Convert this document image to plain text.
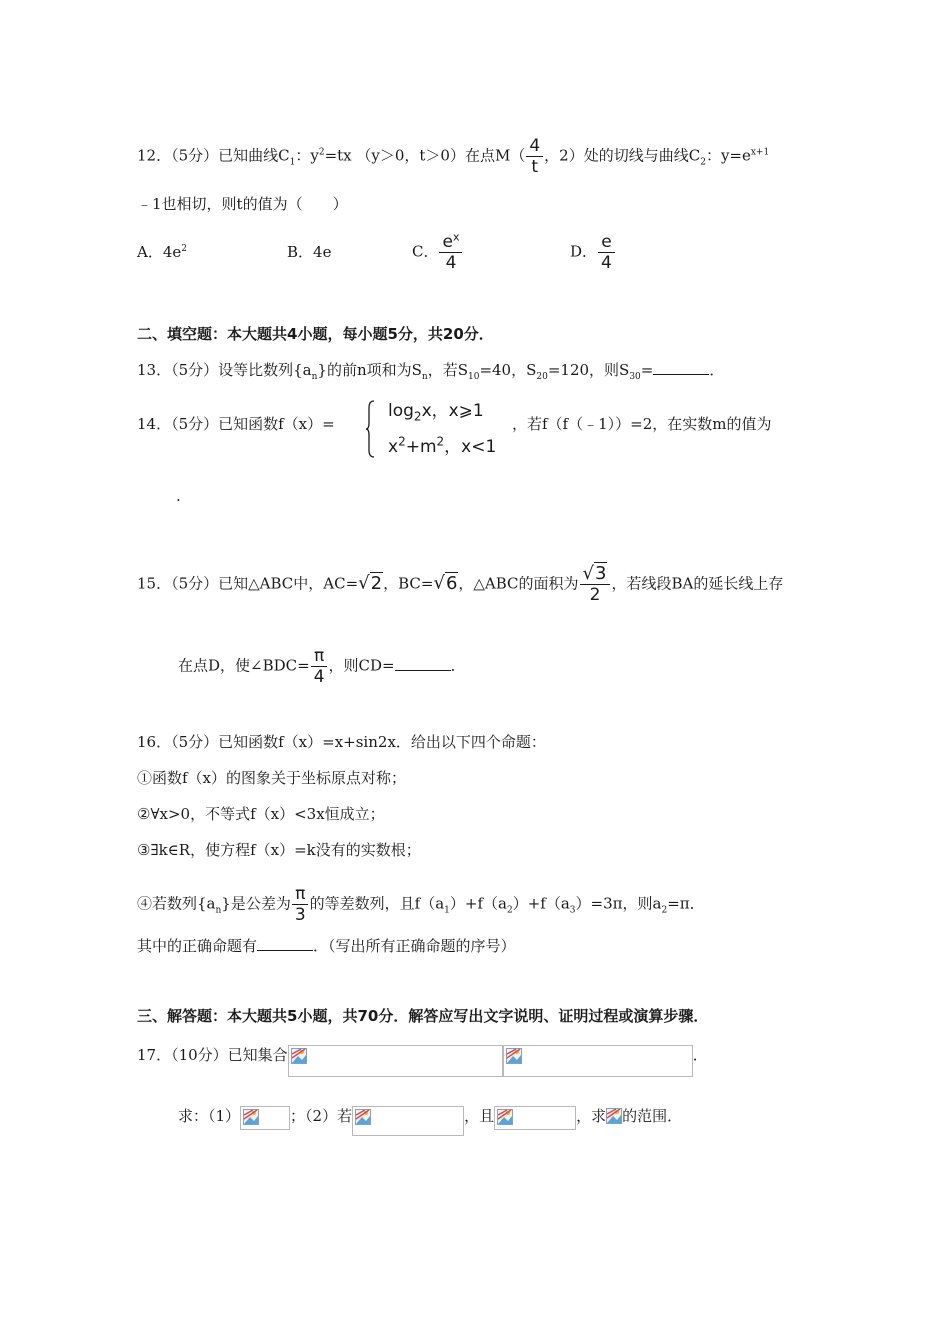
12．（5分）已知曲线$C_1$：$y^2=tx$ （y＞0，t＞0）在点$M( \frac{4}{t}$ ，2）处的切线与曲线$C_2$：$y=e^{x+1}$
﹣1也相切，则t的值为（　　）
A．$4e^2$	B．4e	C． $\frac{e^x}{4}$	D． $\frac{e}{4}$
二、填空题：本大题共4小题，每小题5分，共20分．
13．（5分）设等比数列$\{a_n\}$的前n项和为$S_n$，若$S_{10}=40$，$S_{20}=120$，则$S_{30}=$	．
14．（5分）已知函数f（x）=
$\log_2x$，x⩾1
$x^2+m^2$，x<1
，若f（f（﹣1））=2，在实数m的值为
.
15．（5分）已知△ABC中，AC=√2，BC=√6，△ABC的面积为 $\frac{√3}{2}$ ，若线段BA的延长线上存
在点D，使∠BDC= $\frac{\pi}{4}$ ，则CD=	．
16．（5分）已知函数f（x）=x+sin2x．给出以下四个命题：
①函数f（x）的图象关于坐标原点对称；
②∀x>0，不等式f（x）<3x恒成立；
③∃k∈R，使方程f（x）=k没有的实数根；
④若数列$\{a_n\}$是公差为 $\frac{\pi}{3}$ 的等差数列，且$f(a_1)+f(a_2)+f(a_3)=3\pi$，则$a_2=\pi$．
其中的正确命题有	．（写出所有正确命题的序号）
三、解答题：本大题共5小题，共70分．解答应写出文字说明、证明过程或演算步骤．
17．（10分）已知集合	．
求：（1）	；（2）若	，且	，求 的范围．
